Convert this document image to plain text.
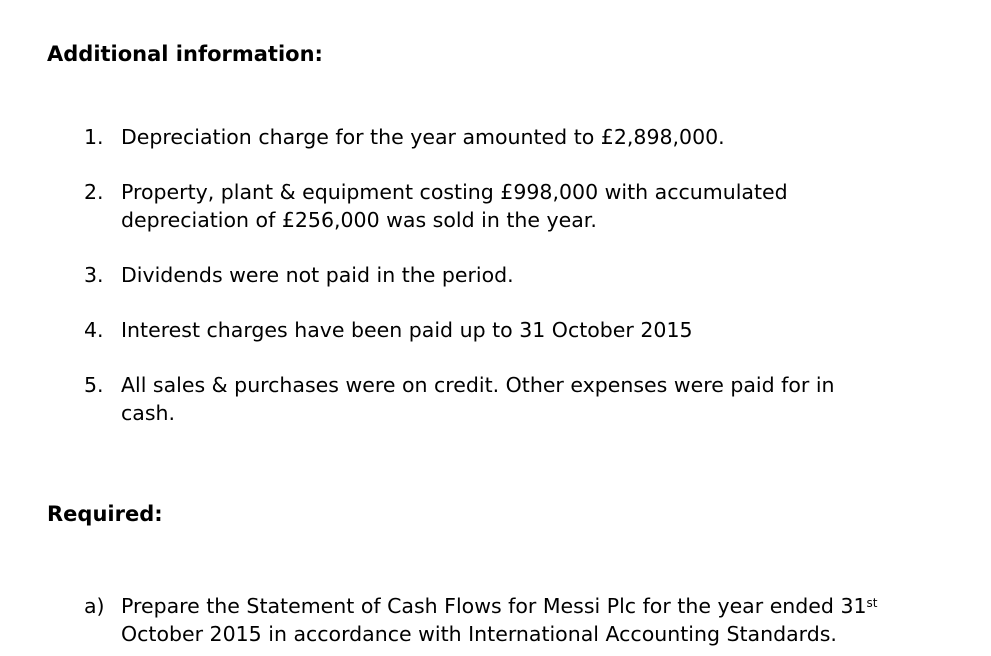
Additional information:
1. Depreciation charge for the year amounted to £2,898,000.
2. Property, plant & equipment costing £998,000 with accumulated
depreciation of £256,000 was sold in the year.
3. Dividends were not paid in the period.
4. Interest charges have been paid up to 31 October 2015
5. All sales & purchases were on credit. Other expenses were paid for in
cash.
Required:
a) Prepare the Statement of Cash Flows for Messi Plc for the year ended 31st
October 2015 in accordance with International Accounting Standards.
